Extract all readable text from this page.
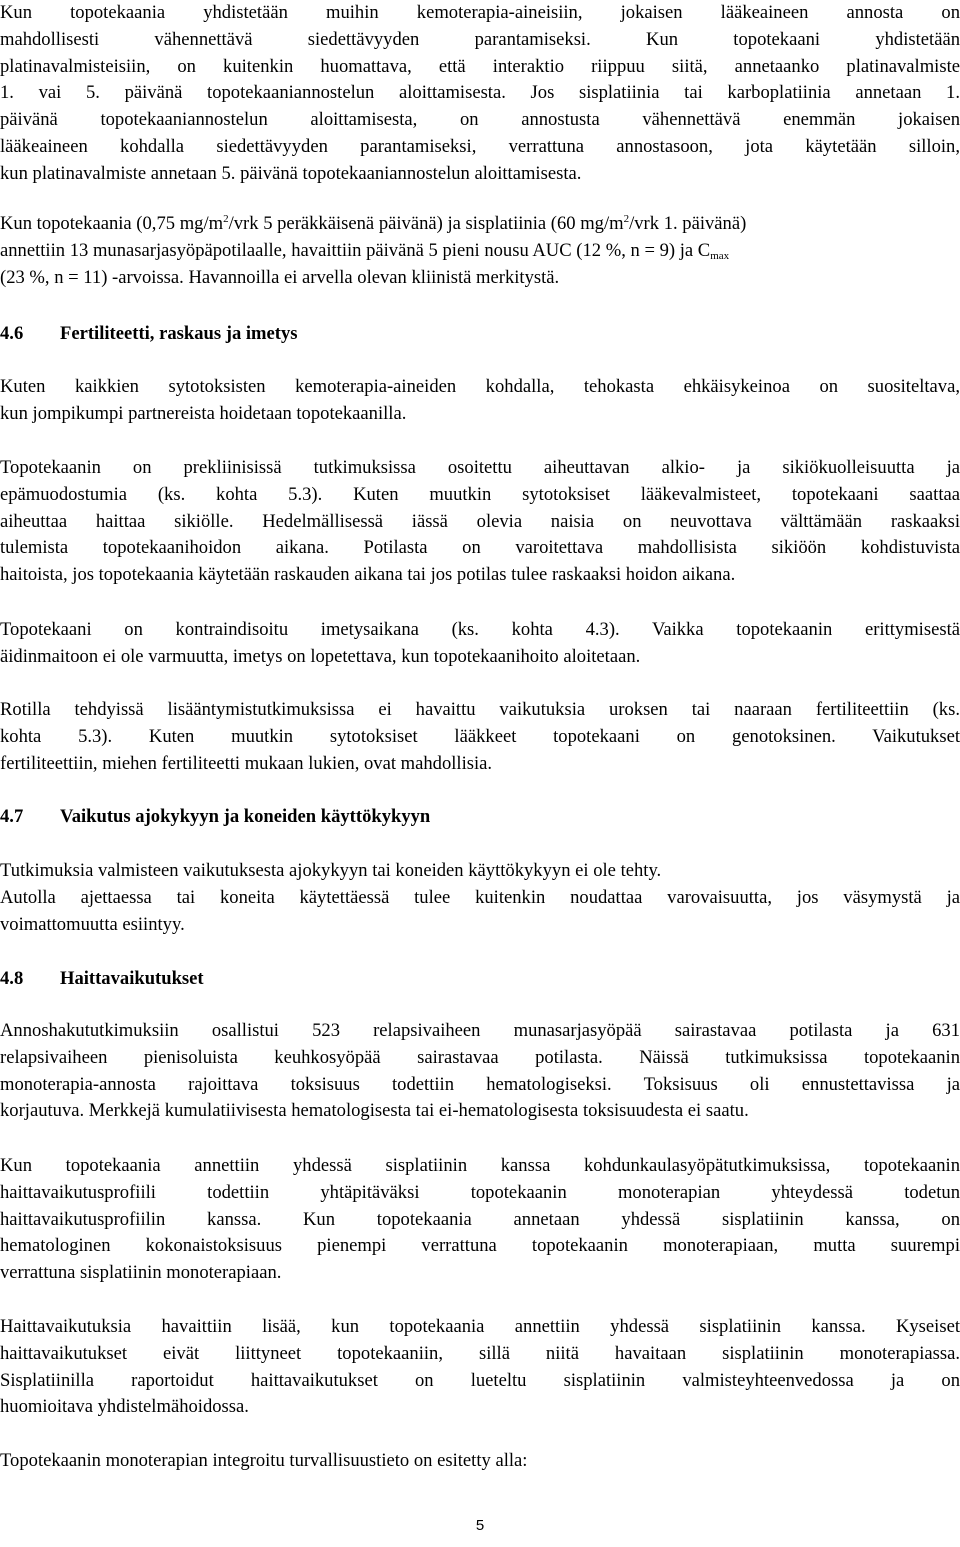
Kun topotekaania yhdistetään muihin kemoterapia-aineisiin, jokaisen lääkeaineen annosta on
mahdollisesti vähennettävä siedettävyyden parantamiseksi. Kun topotekaani yhdistetään
platinavalmisteisiin, on kuitenkin huomattava, että interaktio riippuu siitä, annetaanko platinavalmiste
1. vai 5. päivänä topotekaaniannostelun aloittamisesta. Jos sisplatiinia tai karboplatiinia annetaan 1.
päivänä topotekaaniannostelun aloittamisesta, on annostusta vähennettävä enemmän jokaisen
lääkeaineen kohdalla siedettävyyden parantamiseksi, verrattuna annostasoon, jota käytetään silloin,
kun platinavalmiste annetaan 5. päivänä topotekaaniannostelun aloittamisesta.
Kun topotekaania (0,75 $mg/m^2$/vrk 5 peräkkäisenä päivänä) ja sisplatiinia (60 $mg/m^2$/vrk 1. päivänä)
annettiin 13 munasarjasyöpäpotilaalle, havaittiin päivänä 5 pieni nousu AUC (12 %, n = 9) ja $C_{max}$
(23 %, n = 11) -arvoissa. Havannoilla ei arvella olevan kliinistä merkitystä.
4.6 Fertiliteetti, raskaus ja imetys
Kuten kaikkien sytotoksisten kemoterapia-aineiden kohdalla, tehokasta ehkäisykeinoa on suositeltava,
kun jompikumpi partnereista hoidetaan topotekaanilla.
Topotekaanin on prekliinisissä tutkimuksissa osoitettu aiheuttavan alkio- ja sikiökuolleisuutta ja
epämuodostumia (ks. kohta 5.3). Kuten muutkin sytotoksiset lääkevalmisteet, topotekaani saattaa
aiheuttaa haittaa sikiölle. Hedelmällisessä iässä olevia naisia on neuvottava välttämään raskaaksi
tulemista topotekaanihoidon aikana. Potilasta on varoitettava mahdollisista sikiöön kohdistuvista
haitoista, jos topotekaania käytetään raskauden aikana tai jos potilas tulee raskaaksi hoidon aikana.
Topotekaani on kontraindisoitu imetysaikana (ks. kohta 4.3). Vaikka topotekaanin erittymisestä
äidinmaitoon ei ole varmuutta, imetys on lopetettava, kun topotekaanihoito aloitetaan.
Rotilla tehdyissä lisääntymistutkimuksissa ei havaittu vaikutuksia uroksen tai naaraan fertiliteettiin (ks.
kohta 5.3). Kuten muutkin sytotoksiset lääkkeet topotekaani on genotoksinen. Vaikutukset
fertiliteettiin, miehen fertiliteetti mukaan lukien, ovat mahdollisia.
4.7 Vaikutus ajokykyyn ja koneiden käyttökykyyn
Tutkimuksia valmisteen vaikutuksesta ajokykyyn tai koneiden käyttökykyyn ei ole tehty.
Autolla ajettaessa tai koneita käytettäessä tulee kuitenkin noudattaa varovaisuutta, jos väsymystä ja
voimattomuutta esiintyy.
4.8 Haittavaikutukset
Annoshakututkimuksiin osallistui 523 relapsivaiheen munasarjasyöpää sairastavaa potilasta ja 631
relapsivaiheen pienisoluista keuhkosyöpää sairastavaa potilasta. Näissä tutkimuksissa topotekaanin
monoterapia-annosta rajoittava toksisuus todettiin hematologiseksi. Toksisuus oli ennustettavissa ja
korjautuva. Merkkejä kumulatiivisesta hematologisesta tai ei-hematologisesta toksisuudesta ei saatu.
Kun topotekaania annettiin yhdessä sisplatiinin kanssa kohdunkaulasyöpätutkimuksissa, topotekaanin
haittavaikutusprofiili todettiin yhtäpitäväksi topotekaanin monoterapian yhteydessä todetun
haittavaikutusprofiilin kanssa. Kun topotekaania annetaan yhdessä sisplatiinin kanssa, on
hematologinen kokonaistoksisuus pienempi verrattuna topotekaanin monoterapiaan, mutta suurempi
verrattuna sisplatiinin monoterapiaan.
Haittavaikutuksia havaittiin lisää, kun topotekaania annettiin yhdessä sisplatiinin kanssa. Kyseiset
haittavaikutukset eivät liittyneet topotekaaniin, sillä niitä havaitaan sisplatiinin monoterapiassa.
Sisplatiinilla raportoidut haittavaikutukset on lueteltu sisplatiinin valmisteyhteenvedossa ja on
huomioitava yhdistelmähoidossa.
Topotekaanin monoterapian integroitu turvallisuustieto on esitetty alla:
5
